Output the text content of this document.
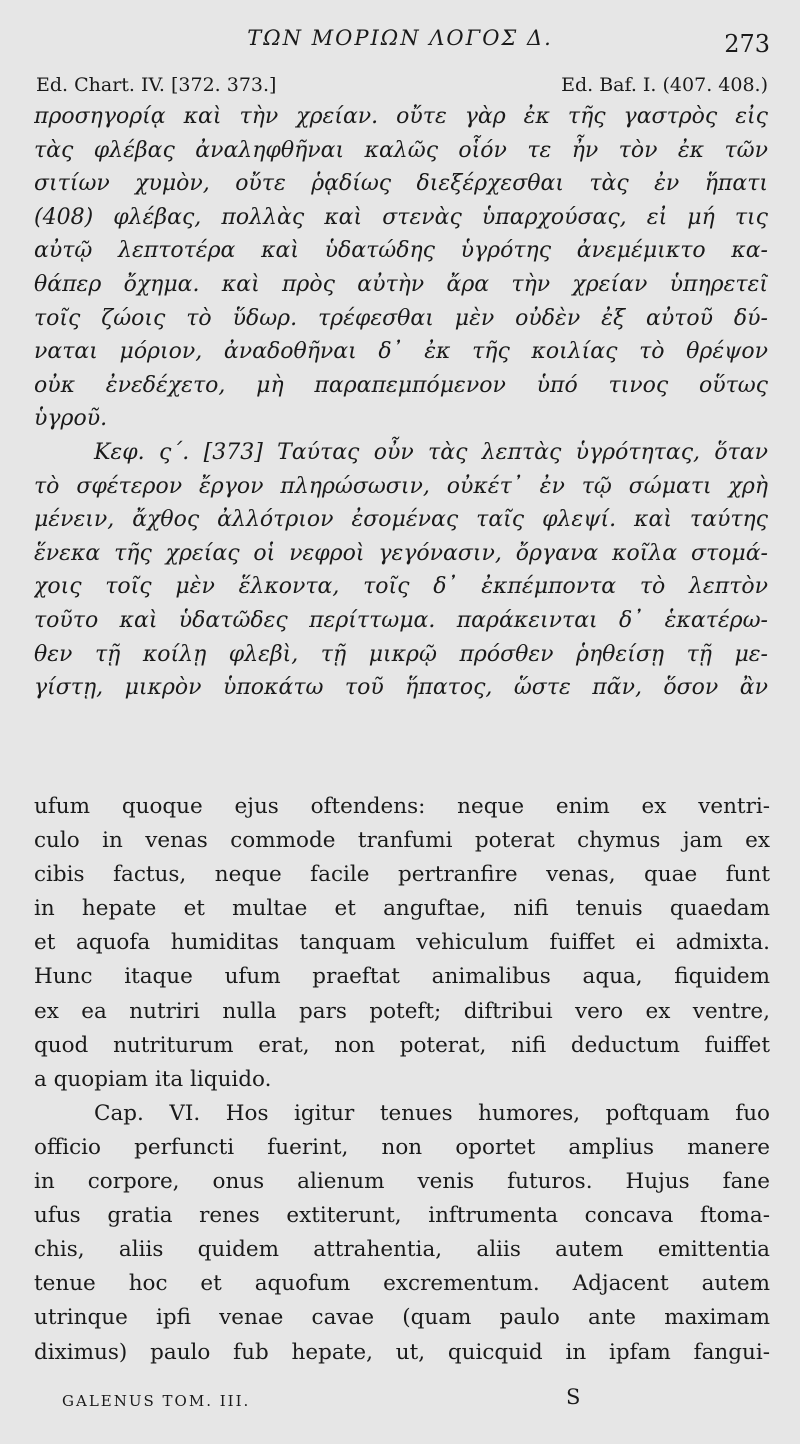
ΤΩΝ ΜΟΡΙΩΝ ΛΟΓΟΣ Δ.	273
Ed. Chart. IV. [372. 373.]	Ed. Baf. I. (407. 408.)
προσηγορίᾳ καὶ τὴν χρείαν. οὔτε γὰρ ἐκ τῆς γαστρὸς εἰς
τὰς φλέβας ἀναληφθῆναι καλῶς οἷόν τε ἦν τὸν ἐκ τῶν
σιτίων χυμὸν, οὔτε ῥᾳδίως διεξέρχεσθαι τὰς ἐν ἥπατι
(408) φλέβας, πολλὰς καὶ στενὰς ὑπαρχούσας, εἰ μή τις
αὐτῷ λεπτοτέρα καὶ ὑδατώδης ὑγρότης ἀνεμέμικτο κα-
θάπερ ὄχημα. καὶ πρὸς αὐτὴν ἄρα τὴν χρείαν ὑπηρετεῖ
τοῖς ζώοις τὸ ὕδωρ. τρέφεσθαι μὲν οὐδὲν ἐξ αὐτοῦ δύ-
ναται μόριον, ἀναδοθῆναι δ᾽ ἐκ τῆς κοιλίας τὸ θρέψον
οὐκ ἐνεδέχετο, μὴ παραπεμπόμενον ὑπό τινος οὕτως
ὑγροῦ.
Κεφ. ς΄. [373] Ταύτας οὖν τὰς λεπτὰς ὑγρότητας, ὅταν
τὸ σφέτερον ἔργον πληρώσωσιν, οὐκέτ᾽ ἐν τῷ σώματι χρὴ
μένειν, ἄχθος ἀλλότριον ἐσομένας ταῖς φλεψί. καὶ ταύτης
ἕνεκα τῆς χρείας οἱ νεφροὶ γεγόνασιν, ὄργανα κοῖλα στομά-
χοις τοῖς μὲν ἕλκοντα, τοῖς δ᾽ ἐκπέμποντα τὸ λεπτὸν
τοῦτο καὶ ὑδατῶδες περίττωμα. παράκεινται δ᾽ ἑκατέρω-
θεν τῇ κοίλῃ φλεβὶ, τῇ μικρῷ πρόσθεν ῥηθείσῃ τῇ με-
γίστῃ, μικρὸν ὑποκάτω τοῦ ἥπατος, ὥστε πᾶν, ὅσον ἂν
ufum quoque ejus oftendens: neque enim ex ventri-
culo in venas commode tranfumi poterat chymus jam ex
cibis factus, neque facile pertranfire venas, quae funt
in hepate et multae et anguftae, nifi tenuis quaedam
et aquofa humiditas tanquam vehiculum fuiffet ei admixta.
Hunc itaque ufum praeftat animalibus aqua, fiquidem
ex ea nutriri nulla pars poteft; diftribui vero ex ventre,
quod nutriturum erat, non poterat, nifi deductum fuiffet
a quopiam ita liquido.
Cap. VI. Hos igitur tenues humores, poftquam fuo
officio perfuncti fuerint, non oportet amplius manere
in corpore, onus alienum venis futuros. Hujus fane
ufus gratia renes extiterunt, inftrumenta concava ftoma-
chis, aliis quidem attrahentia, aliis autem emittentia
tenue hoc et aquofum excrementum. Adjacent autem
utrinque ipfi venae cavae (quam paulo ante maximam
diximus) paulo fub hepate, ut, quicquid in ipfam fangui-
GALENUS TOM. III.	S
